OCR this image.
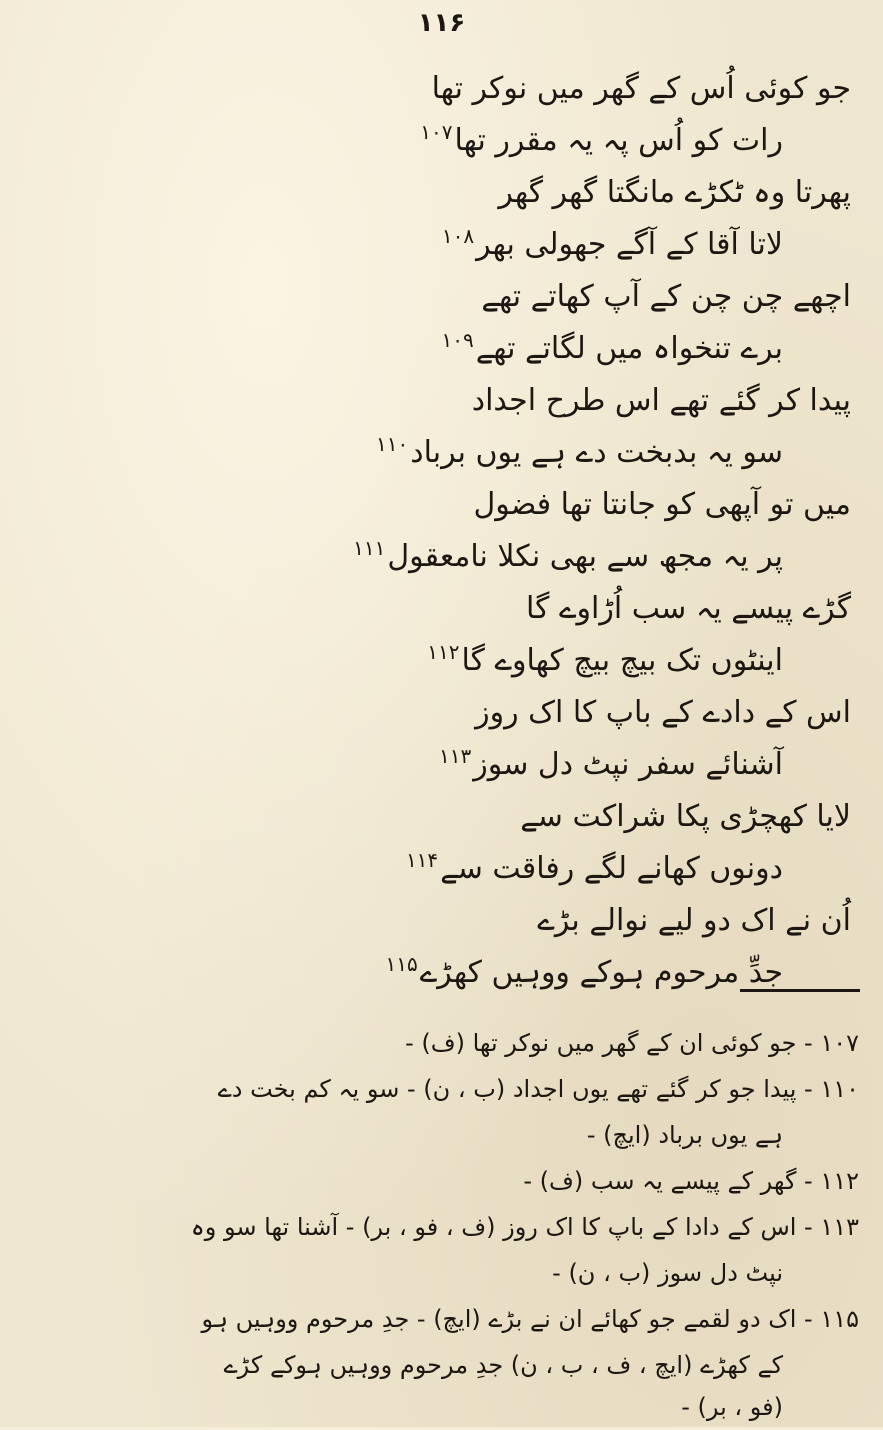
۱۱۶
جو کوئی اُس کے گھر میں نوکر تھا
رات کو اُس پہ یہ مقرر تھا$^{۱۰۷}$
پھرتا وہ ٹکڑے مانگتا گھر گھر
لاتا آقا کے آگے جھولی بھر$^{۱۰۸}$
اچھے چن چن کے آپ کھاتے تھے
برے تنخواہ میں لگاتے تھے$^{۱۰۹}$
پیدا کر گئے تھے اس طرح اجداد
سو یہ بدبخت دے ہے یوں برباد$^{۱۱۰}$
میں تو آپھی کو جانتا تھا فضول
پر یہ مجھ سے بھی نکلا نامعقول$^{۱۱۱}$
گڑے پیسے یہ سب اُڑاوے گا
اینٹوں تک بیچ بیچ کھاوے گا$^{۱۱۲}$
اس کے دادے کے باپ کا اک روز
آشنائے سفر نپٹ دل سوز$^{۱۱۳}$
لایا کھچڑی پکا شراکت سے
دونوں کھانے لگے رفاقت سے$^{۱۱۴}$
اُن نے اک دو لیے نوالے بڑے
جدِّ مرحوم ہوکے ووہیں کھڑے$^{۱۱۵}$
۱۰۷ - جو کوئی ان کے گھر میں نوکر تھا (ف) -
۱۱۰ - پیدا جو کر گئے تھے یوں اجداد (ب ، ن) - سو یہ کم بخت دے
ہے یوں برباد (ایچ) -
۱۱۲ - گھر کے پیسے یہ سب (ف) -
۱۱۳ - اس کے دادا کے باپ کا اک روز (ف ، فو ، بر) - آشنا تھا سو وہ
نپٹ دل سوز (ب ، ن) -
۱۱۵ - اک دو لقمے جو کھائے ان نے بڑے (ایچ) - جدِ مرحوم ووہیں ہو
کے کھڑے (ایچ ، ف ، ب ، ن) جدِ مرحوم ووہیں ہوکے کڑے
(فو ، بر) -
